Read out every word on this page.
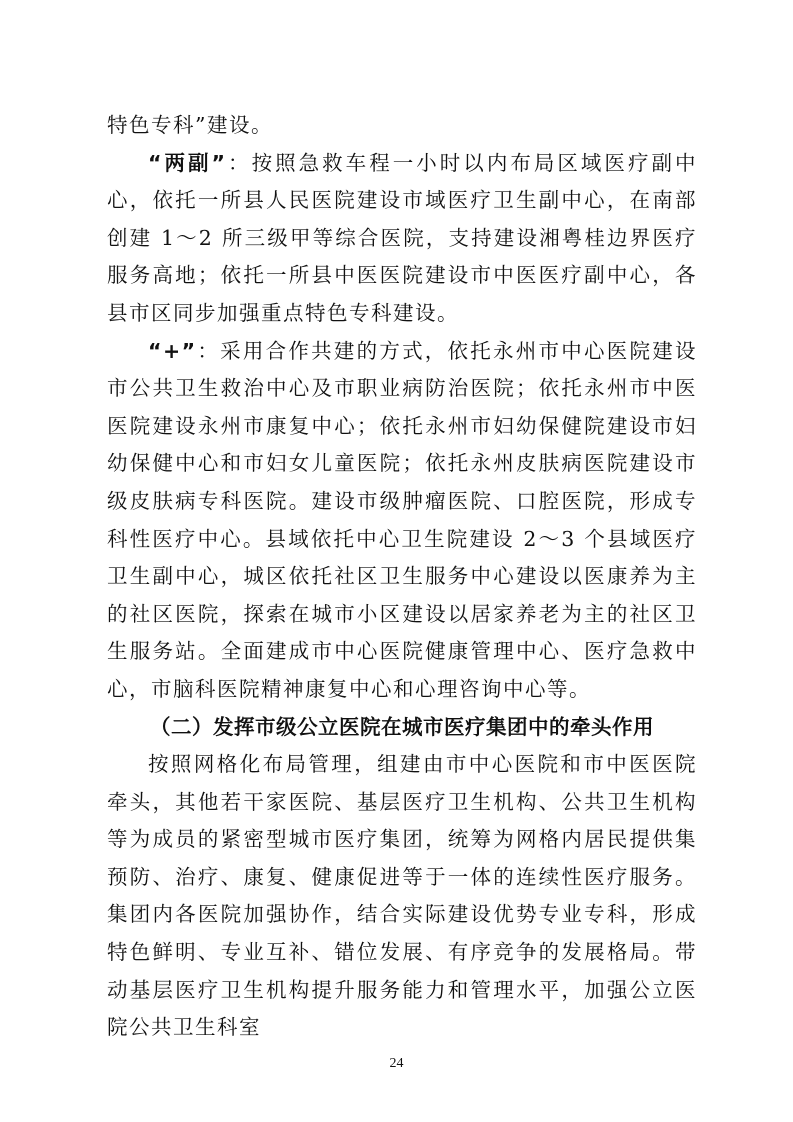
特色专科”建设。

“两副”：按照急救车程一小时以内布局区域医疗副中心，依托一所县人民医院建设市域医疗卫生副中心，在南部创建 1～2 所三级甲等综合医院，支持建设湘粤桂边界医疗服务高地；依托一所县中医医院建设市中医医疗副中心，各县市区同步加强重点特色专科建设。

“+”：采用合作共建的方式，依托永州市中心医院建设市公共卫生救治中心及市职业病防治医院；依托永州市中医医院建设永州市康复中心；依托永州市妇幼保健院建设市妇幼保健中心和市妇女儿童医院；依托永州皮肤病医院建设市级皮肤病专科医院。建设市级肿瘤医院、口腔医院，形成专科性医疗中心。县域依托中心卫生院建设 2～3 个县域医疗卫生副中心，城区依托社区卫生服务中心建设以医康养为主的社区医院，探索在城市小区建设以居家养老为主的社区卫生服务站。全面建成市中心医院健康管理中心、医疗急救中心，市脑科医院精神康复中心和心理咨询中心等。

（二）发挥市级公立医院在城市医疗集团中的牵头作用

按照网格化布局管理，组建由市中心医院和市中医医院牵头，其他若干家医院、基层医疗卫生机构、公共卫生机构等为成员的紧密型城市医疗集团，统筹为网格内居民提供集预防、治疗、康复、健康促进等于一体的连续性医疗服务。集团内各医院加强协作，结合实际建设优势专业专科，形成特色鲜明、专业互补、错位发展、有序竞争的发展格局。带动基层医疗卫生机构提升服务能力和管理水平，加强公立医院公共卫生科室

24
